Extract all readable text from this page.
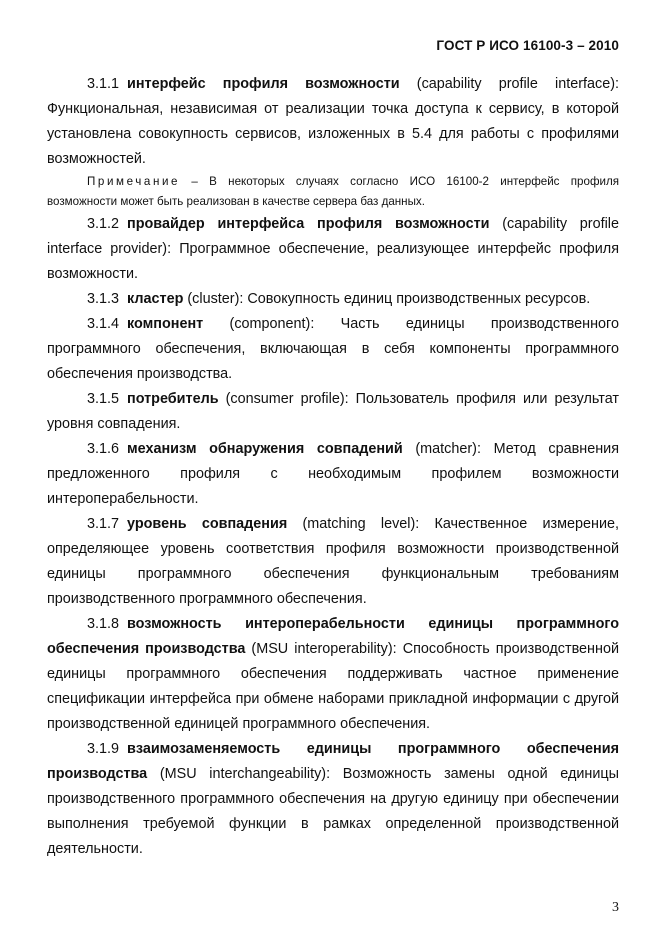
ГОСТ Р ИСО 16100-3 – 2010

3.1.1 интерфейс профиля возможности (capability profile interface): Функциональная, независимая от реализации точка доступа к сервису, в которой установлена совокупность сервисов, изложенных в 5.4 для работы с профилями возможностей.

Примечание – В некоторых случаях согласно ИСО 16100-2 интерфейс профиля возможности может быть реализован в качестве сервера баз данных.

3.1.2 провайдер интерфейса профиля возможности (capability profile interface provider): Программное обеспечение, реализующее интерфейс профиля возможности.

3.1.3 кластер (cluster): Совокупность единиц производственных ресурсов.

3.1.4 компонент (component): Часть единицы производственного программного обеспечения, включающая в себя компоненты программного обеспечения производства.

3.1.5 потребитель (consumer profile): Пользователь профиля или результат уровня совпадения.

3.1.6 механизм обнаружения совпадений (matcher): Метод сравнения предложенного профиля с необходимым профилем возможности интероперабельности.

3.1.7 уровень совпадения (matching level): Качественное измерение, определяющее уровень соответствия профиля возможности производственной единицы программного обеспечения функциональным требованиям производственного программного обеспечения.

3.1.8 возможность интероперабельности единицы программного обеспечения производства (MSU interoperability): Способность производственной единицы программного обеспечения поддерживать частное применение спецификации интерфейса при обмене наборами прикладной информации с другой производственной единицей программного обеспечения.

3.1.9 взаимозаменяемость единицы программного обеспечения производства (MSU interchangeability): Возможность замены одной единицы производственного программного обеспечения на другую единицу при обеспечении выполнения требуемой функции в рамках определенной производственной деятельности.

3
